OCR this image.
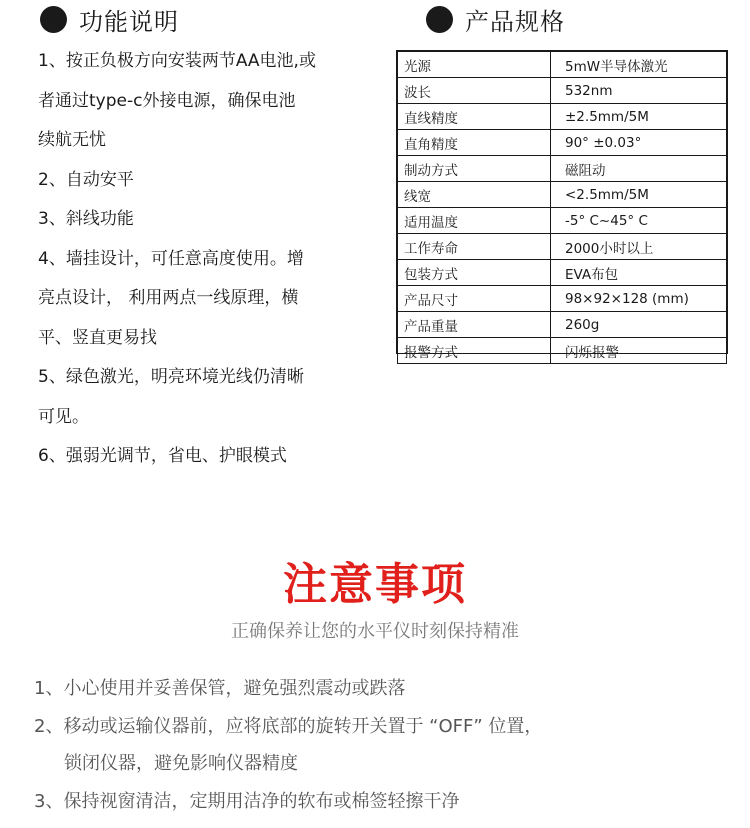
功能说明	产品规格
1、按正负极方向安装两节AA电池,或
者通过type-c外接电源，确保电池
续航无忧
2、自动安平
3、斜线功能
4、墙挂设计，可任意高度使用。增
亮点设计， 利用两点一线原理，横
平、竖直更易找
5、绿色激光，明亮环境光线仍清晰
可见。
6、强弱光调节，省电、护眼模式
光源	5mW半导体激光
波长	532nm
直线精度	±2.5mm/5M
直角精度	90° ±0.03°
制动方式	磁阻动
线宽	<2.5mm/5M
适用温度	-5° C~45° C
工作寿命	2000小时以上
包装方式	EVA布包
产品尺寸	98×92×128 (mm)
产品重量	260g
报警方式	闪烁报警
注意事项
正确保养让您的水平仪时刻保持精准
1、小心使用并妥善保管，避免强烈震动或跌落
2、移动或运输仪器前，应将底部的旋转开关置于 “OFF” 位置，
锁闭仪器，避免影响仪器精度
3、保持视窗清洁，定期用洁净的软布或棉签轻擦干净
